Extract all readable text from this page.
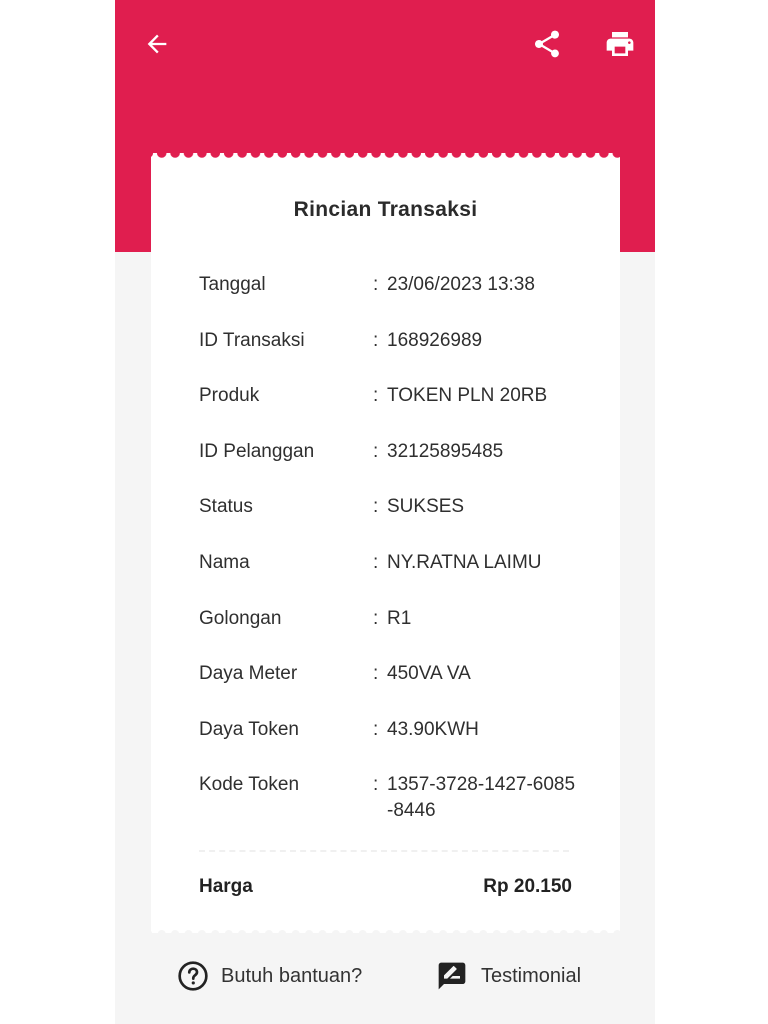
Rincian Transaksi
Tanggal	: 23/06/2023 13:38
ID Transaksi	: 168926989
Produk	: TOKEN PLN 20RB
ID Pelanggan	: 32125895485
Status	: SUKSES
Nama	: NY.RATNA LAIMU
Golongan	: R1
Daya Meter	: 450VA VA
Daya Token	: 43.90KWH
Kode Token	: 1357-3728-1427-6085-8446
Harga	Rp 20.150
Butuh bantuan?	Testimonial
